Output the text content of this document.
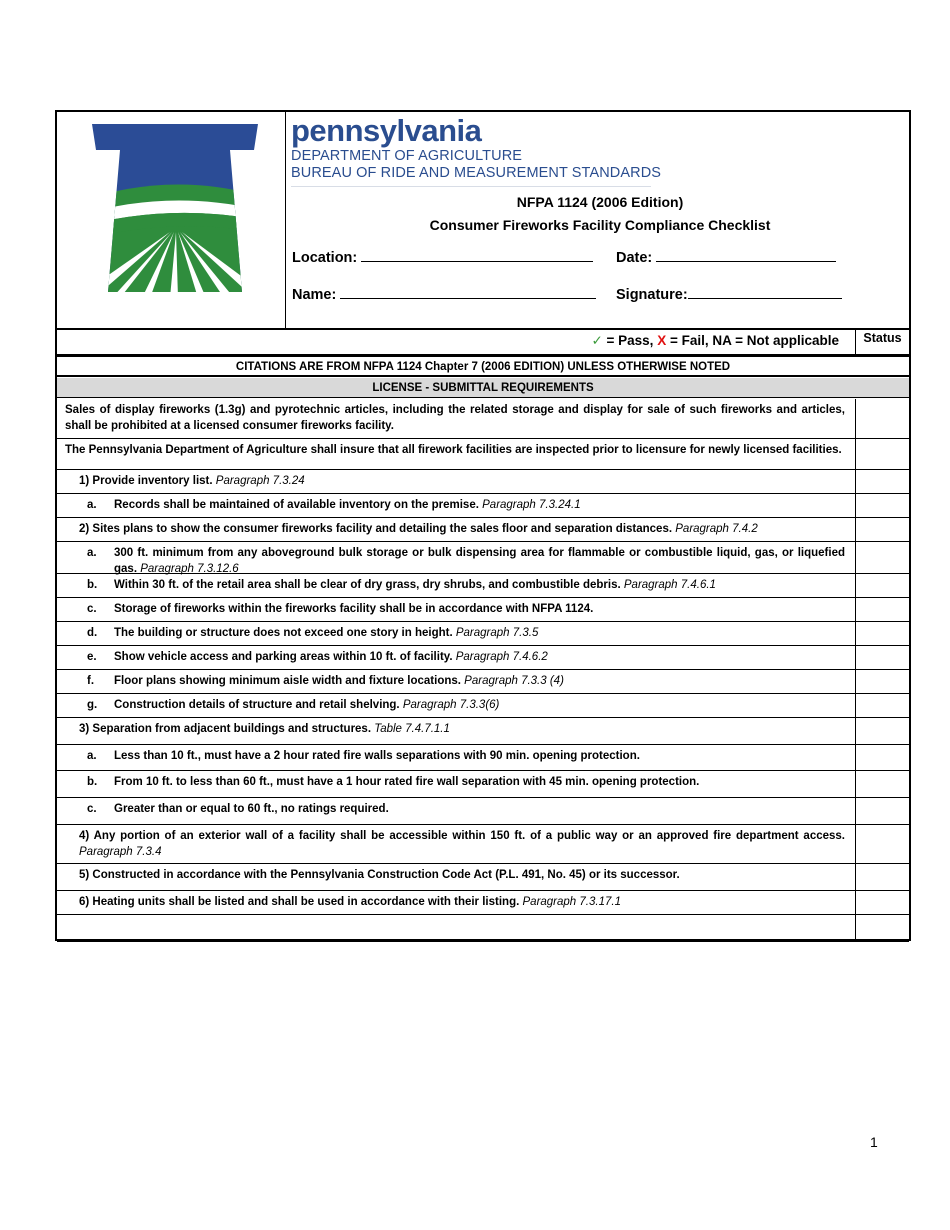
pennsylvania
DEPARTMENT OF AGRICULTURE
BUREAU OF RIDE AND MEASUREMENT STANDARDS
NFPA 1124 (2006 Edition)
Consumer Fireworks Facility Compliance Checklist
Location:	Date:
Name:	Signature:
✓ = Pass, X = Fail, NA = Not applicable	Status
CITATIONS ARE FROM NFPA 1124 Chapter 7 (2006 EDITION) UNLESS OTHERWISE NOTED
LICENSE - SUBMITTAL REQUIREMENTS
Sales of display fireworks (1.3g) and pyrotechnic articles, including the related storage and display for sale of such fireworks and articles, shall be prohibited at a licensed consumer fireworks facility.
The Pennsylvania Department of Agriculture shall insure that all firework facilities are inspected prior to licensure for newly licensed facilities.
1) Provide inventory list. Paragraph 7.3.24
a. Records shall be maintained of available inventory on the premise. Paragraph 7.3.24.1
2) Sites plans to show the consumer fireworks facility and detailing the sales floor and separation distances. Paragraph 7.4.2
a. 300 ft. minimum from any aboveground bulk storage or bulk dispensing area for flammable or combustible liquid, gas, or liquefied gas. Paragraph 7.3.12.6
b. Within 30 ft. of the retail area shall be clear of dry grass, dry shrubs, and combustible debris. Paragraph 7.4.6.1
c. Storage of fireworks within the fireworks facility shall be in accordance with NFPA 1124.
d. The building or structure does not exceed one story in height. Paragraph 7.3.5
e. Show vehicle access and parking areas within 10 ft. of facility. Paragraph 7.4.6.2
f. Floor plans showing minimum aisle width and fixture locations. Paragraph 7.3.3 (4)
g. Construction details of structure and retail shelving. Paragraph 7.3.3(6)
3) Separation from adjacent buildings and structures. Table 7.4.7.1.1
a. Less than 10 ft., must have a 2 hour rated fire walls separations with 90 min. opening protection.
b. From 10 ft. to less than 60 ft., must have a 1 hour rated fire wall separation with 45 min. opening protection.
c. Greater than or equal to 60 ft., no ratings required.
4) Any portion of an exterior wall of a facility shall be accessible within 150 ft. of a public way or an approved fire department access. Paragraph 7.3.4
5) Constructed in accordance with the Pennsylvania Construction Code Act (P.L. 491, No. 45) or its successor.
6) Heating units shall be listed and shall be used in accordance with their listing. Paragraph 7.3.17.1
1
